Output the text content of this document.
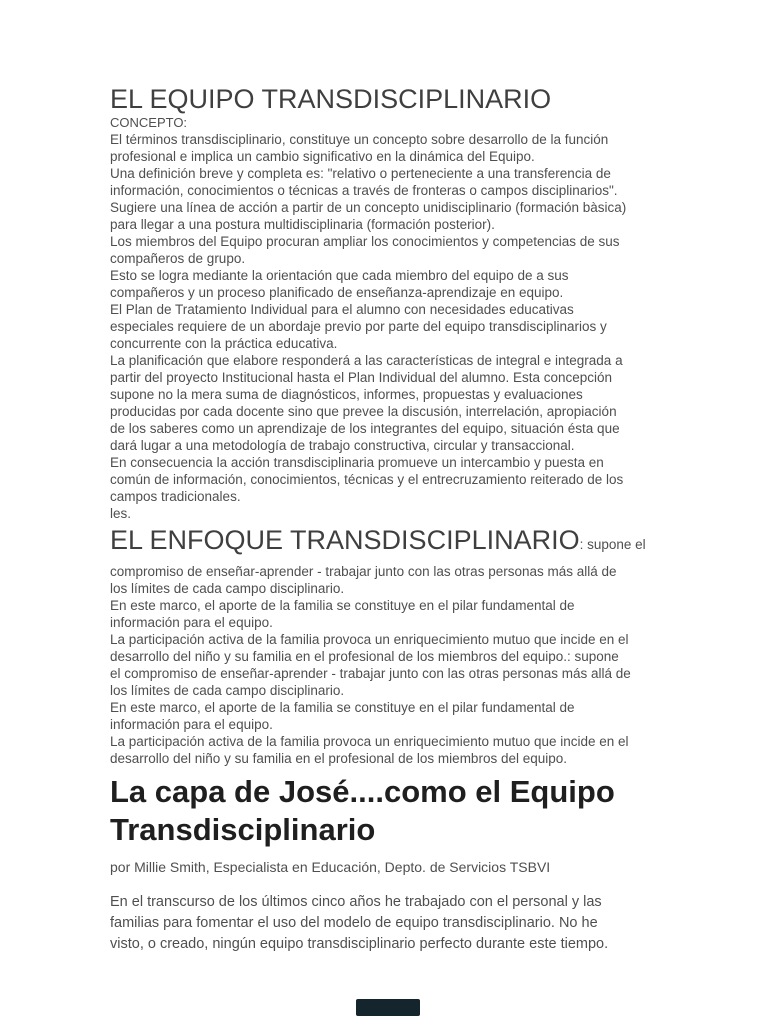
EL EQUIPO TRANSDISCIPLINARIO
CONCEPTO:
El términos transdisciplinario, constituye un concepto sobre desarrollo de la función
profesional e implica un cambio significativo en la dinámica del Equipo.
Una definición breve y completa es: "relativo o perteneciente a una transferencia de
información, conocimientos o técnicas a través de fronteras o campos disciplinarios".
Sugiere una línea de acción a partir de un concepto unidisciplinario (formación bàsica)
para llegar a una postura multidisciplinaria (formación posterior).
Los miembros del Equipo procuran ampliar los conocimientos y competencias de sus
compañeros de grupo.
Esto se logra mediante la orientación que cada miembro del equipo de a sus
compañeros y un proceso planificado de enseñanza-aprendizaje en equipo.
El Plan de Tratamiento Individual para el alumno con necesidades educativas
especiales requiere de un abordaje previo por parte del equipo transdisciplinarios y
concurrente con la práctica educativa.
La planificación que elabore responderá a las características de integral e integrada a
partir del proyecto Institucional hasta el Plan Individual del alumno. Esta concepción
supone no la mera suma de diagnósticos, informes, propuestas y evaluaciones
producidas por cada docente sino que prevee la discusión, interrelación, apropiación
de los saberes como un aprendizaje de los integrantes del equipo, situación ésta que
dará lugar a una metodología de trabajo constructiva, circular y transaccional.
En consecuencia la acción transdisciplinaria promueve un intercambio y puesta en
común de información, conocimientos, técnicas y el entrecruzamiento reiterado de los
campos tradicionales.
les.
EL ENFOQUE TRANSDISCIPLINARIO: supone el
compromiso de enseñar-aprender - trabajar junto con las otras personas más allá de
los límites de cada campo disciplinario.
En este marco, el aporte de la familia se constituye en el pilar fundamental de
información para el equipo.
La participación activa de la familia provoca un enriquecimiento mutuo que incide en el
desarrollo del niño y su familia en el profesional de los miembros del equipo.: supone
el compromiso de enseñar-aprender - trabajar junto con las otras personas más allá de
los límites de cada campo disciplinario.
En este marco, el aporte de la familia se constituye en el pilar fundamental de
información para el equipo.
La participación activa de la familia provoca un enriquecimiento mutuo que incide en el
desarrollo del niño y su familia en el profesional de los miembros del equipo.
La capa de José....como el Equipo
Transdisciplinario
por Millie Smith, Especialista en Educación, Depto. de Servicios TSBVI
En el transcurso de los últimos cinco años he trabajado con el personal y las
familias para fomentar el uso del modelo de equipo transdisciplinario. No he
visto, o creado, ningún equipo transdisciplinario perfecto durante este tiempo.
